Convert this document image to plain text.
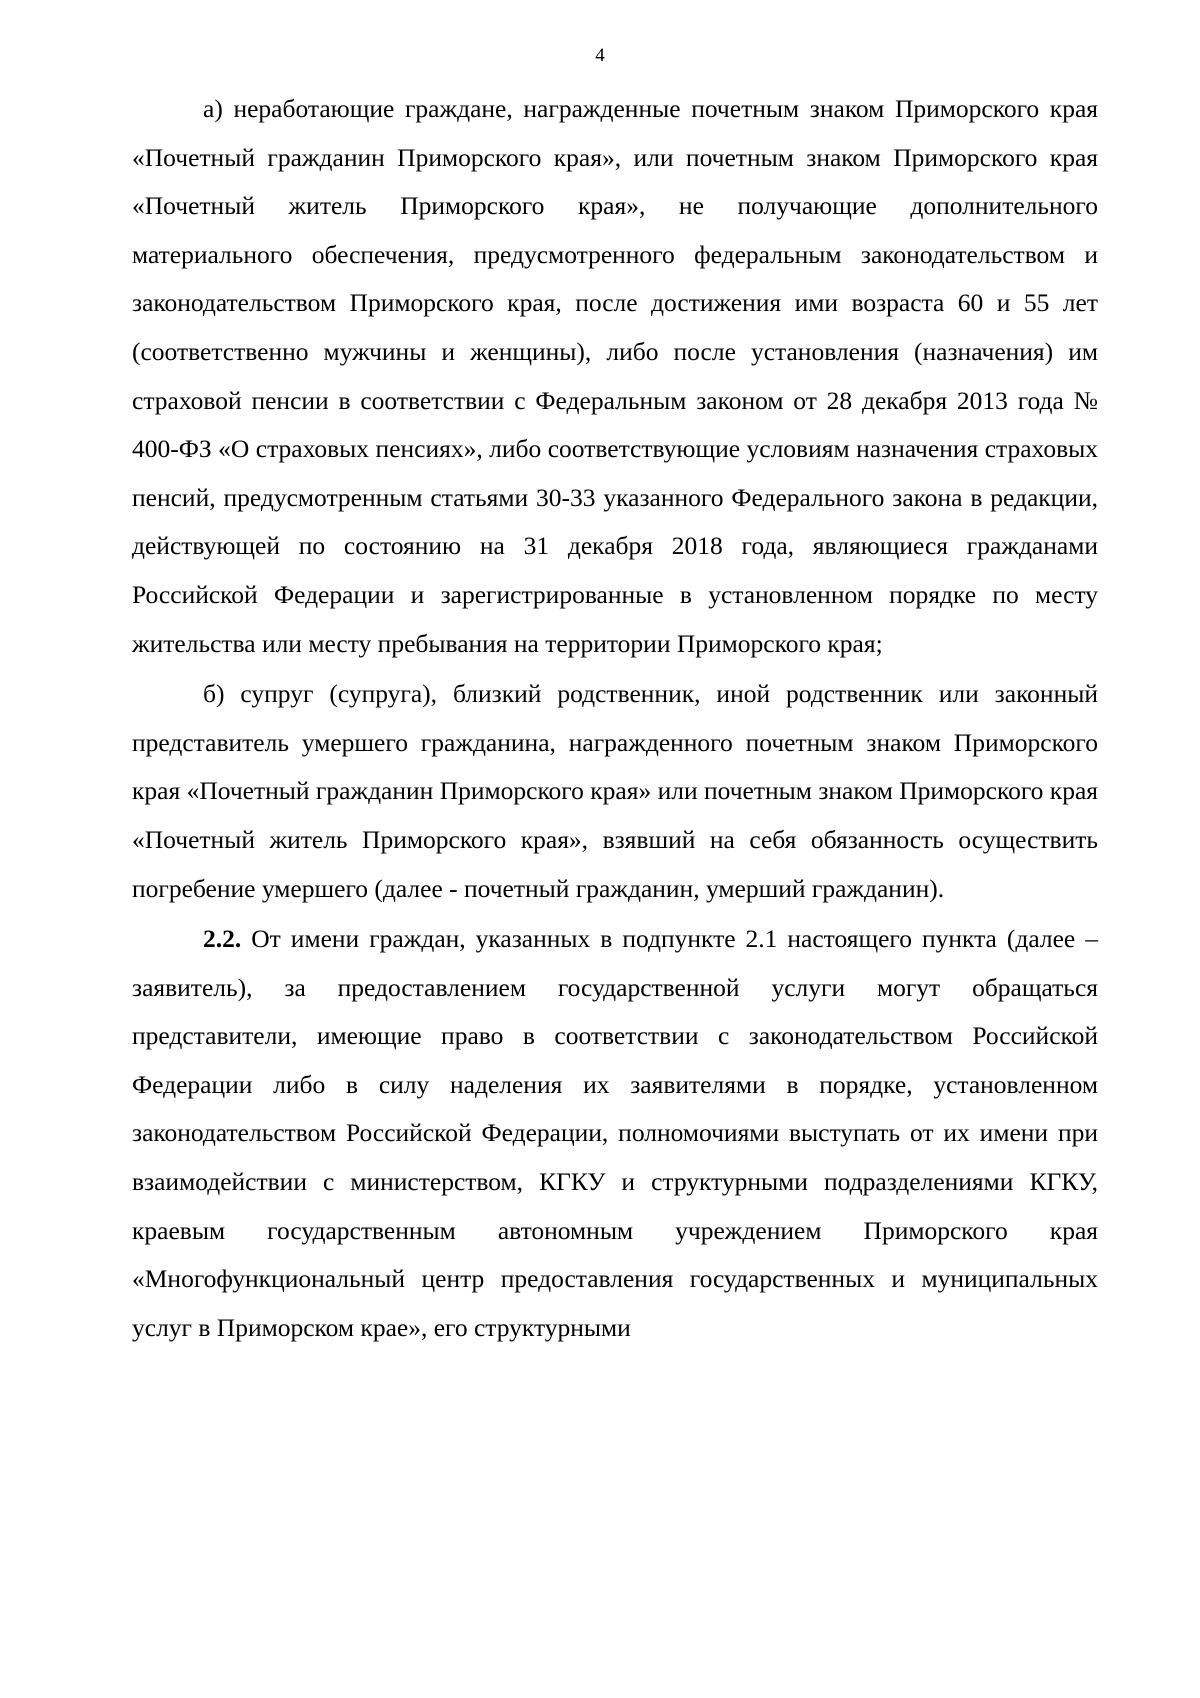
4

а) неработающие граждане, награжденные почетным знаком Приморского края «Почетный гражданин Приморского края», или почетным знаком Приморского края «Почетный житель Приморского края», не получающие дополнительного материального обеспечения, предусмотренного федеральным законодательством и законодательством Приморского края, после достижения ими возраста 60 и 55 лет (соответственно мужчины и женщины), либо после установления (назначения) им страховой пенсии в соответствии с Федеральным законом от 28 декабря 2013 года № 400-ФЗ «О страховых пенсиях», либо соответствующие условиям назначения страховых пенсий, предусмотренным статьями 30-33 указанного Федерального закона в редакции, действующей по состоянию на 31 декабря 2018 года, являющиеся гражданами Российской Федерации и зарегистрированные в установленном порядке по месту жительства или месту пребывания на территории Приморского края;

б) супруг (супруга), близкий родственник, иной родственник или законный представитель умершего гражданина, награжденного почетным знаком Приморского края «Почетный гражданин Приморского края» или почетным знаком Приморского края «Почетный житель Приморского края», взявший на себя обязанность осуществить погребение умершего (далее - почетный гражданин, умерший гражданин).

2.2. От имени граждан, указанных в подпункте 2.1 настоящего пункта (далее – заявитель), за предоставлением государственной услуги могут обращаться представители, имеющие право в соответствии с законодательством Российской Федерации либо в силу наделения их заявителями в порядке, установленном законодательством Российской Федерации, полномочиями выступать от их имени при взаимодействии с министерством, КГКУ и структурными подразделениями КГКУ, краевым государственным автономным учреждением Приморского края «Многофункциональный центр предоставления государственных и муниципальных услуг в Приморском крае», его структурными
